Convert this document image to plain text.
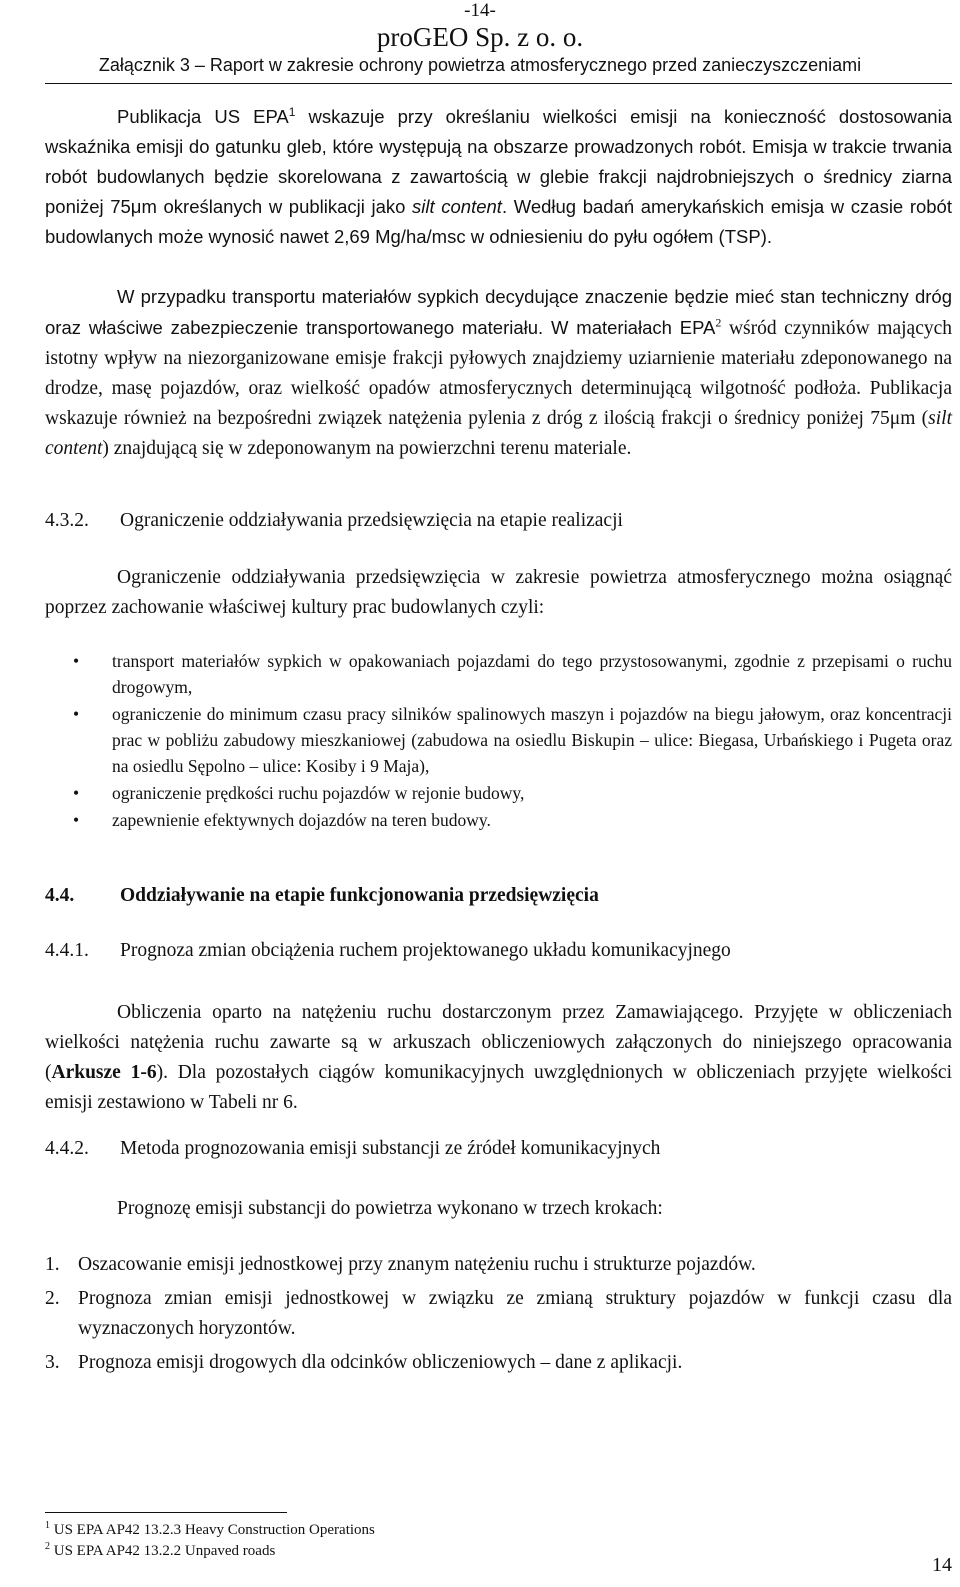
-14-
proGEO Sp. z o. o.
Załącznik 3 – Raport w zakresie ochrony powietrza atmosferycznego przed zanieczyszczeniami
Publikacja US EPA$^1$ wskazuje przy określaniu wielkości emisji na konieczność dostosowania wskaźnika emisji do gatunku gleb, które występują na obszarze prowadzonych robót. Emisja w trakcie trwania robót budowlanych będzie skorelowana z zawartością w glebie frakcji najdrobniejszych o średnicy ziarna poniżej 75μm określanych w publikacji jako silt content. Według badań amerykańskich emisja w czasie robót budowlanych może wynosić nawet 2,69 Mg/ha/msc w odniesieniu do pyłu ogółem (TSP).
W przypadku transportu materiałów sypkich decydujące znaczenie będzie mieć stan techniczny dróg oraz właściwe zabezpieczenie transportowanego materiału. W materiałach EPA$^2$ wśród czynników mających istotny wpływ na niezorganizowane emisje frakcji pyłowych znajdziemy uziarnienie materiału zdeponowanego na drodze, masę pojazdów, oraz wielkość opadów atmosferycznych determinującą wilgotność podłoża. Publikacja wskazuje również na bezpośredni związek natężenia pylenia z dróg z ilością frakcji o średnicy poniżej 75μm (silt content) znajdującą się w zdeponowanym na powierzchni terenu materiale.
4.3.2. Ograniczenie oddziaływania przedsięwzięcia na etapie realizacji
Ograniczenie oddziaływania przedsięwzięcia w zakresie powietrza atmosferycznego można osiągnąć poprzez zachowanie właściwej kultury prac budowlanych czyli:
• transport materiałów sypkich w opakowaniach pojazdami do tego przystosowanymi, zgodnie z przepisami o ruchu drogowym,
• ograniczenie do minimum czasu pracy silników spalinowych maszyn i pojazdów na biegu jałowym, oraz koncentracji prac w pobliżu zabudowy mieszkaniowej (zabudowa na osiedlu Biskupin – ulice: Biegasa, Urbańskiego i Pugeta oraz na osiedlu Sępolno – ulice: Kosiby i 9 Maja),
• ograniczenie prędkości ruchu pojazdów w rejonie budowy,
• zapewnienie efektywnych dojazdów na teren budowy.
4.4. Oddziaływanie na etapie funkcjonowania przedsięwzięcia
4.4.1. Prognoza zmian obciążenia ruchem projektowanego układu komunikacyjnego
Obliczenia oparto na natężeniu ruchu dostarczonym przez Zamawiającego. Przyjęte w obliczeniach wielkości natężenia ruchu zawarte są w arkuszach obliczeniowych załączonych do niniejszego opracowania (Arkusze 1-6). Dla pozostałych ciągów komunikacyjnych uwzględnionych w obliczeniach przyjęte wielkości emisji zestawiono w Tabeli nr 6.
4.4.2. Metoda prognozowania emisji substancji ze źródeł komunikacyjnych
Prognozę emisji substancji do powietrza wykonano w trzech krokach:
1. Oszacowanie emisji jednostkowej przy znanym natężeniu ruchu i strukturze pojazdów.
2. Prognoza zmian emisji jednostkowej w związku ze zmianą struktury pojazdów w funkcji czasu dla wyznaczonych horyzontów.
3. Prognoza emisji drogowych dla odcinków obliczeniowych – dane z aplikacji.
$^1$ US EPA AP42 13.2.3 Heavy Construction Operations
$^2$ US EPA AP42 13.2.2 Unpaved roads
14
